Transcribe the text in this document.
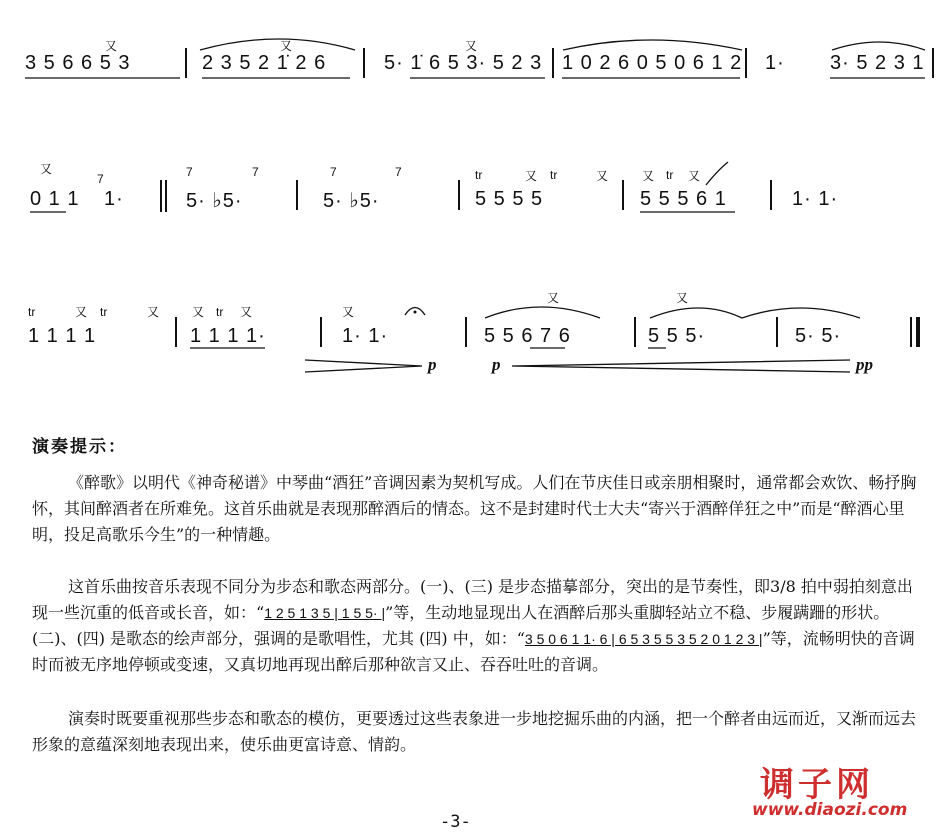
又	又	又
3 5 6 6 5 3	2 3 5 2 1̇ 2 6	5· 1̇ 6 5 3· 5 2 3 1 0 2 6 0 5 0 6 1 2 1· 3· 5 2 3 1
又
7
0 1 1 1·
7	7
5· ♭5·
7	7
5· ♭5·
tr	又 tr	又
5 5 5 5
又 tr 又
5 5 5 6 1	1· 1·
tr	又 tr	又
1 1 1 1
又 tr 又
1 1 1 1·
又
1· 1·
又
5 5 6 7 6
又
5 5 5·	5· 5·
p	p	pp
演奏提示：
《醉歌》以明代《神奇秘谱》中琴曲“酒狂”音调因素为契机写成。人们在节庆佳日或亲朋相聚时，通常都会欢饮、畅抒胸怀，其间醉酒者在所难免。这首乐曲就是表现那醉酒后的情态。这不是封建时代士大夫“寄兴于酒醉佯狂之中”而是“醉酒心里明，投足高歌乐今生”的一种情趣。
这首乐曲按音乐表现不同分为步态和歌态两部分。(一)、(三) 是步态描摹部分，突出的是节奏性，即3/8 拍中弱拍刻意出现一些沉重的低音或长音，如：“1 2 5 1 3 5 | 1 5 5· |”等，生动地显现出人在酒醉后那头重脚轻站立不稳、步履蹒跚的形状。(二)、(四) 是歌态的绘声部分，强调的是歌唱性，尤其 (四) 中，如：“3 5 0 6 1 1· 6 | 6 5 3 5 5 3 5 2 0 1 2 3 |”等，流畅明快的音调时而被无序地停顿或变速，又真切地再现出醉后那种欲言又止、吞吞吐吐的音调。
演奏时既要重视那些步态和歌态的模仿，更要透过这些表象进一步地挖掘乐曲的内涵，把一个醉者由远而近，又渐而远去形象的意蕴深刻地表现出来，使乐曲更富诗意、情韵。
调子网
www.diaozi.com
-3-
